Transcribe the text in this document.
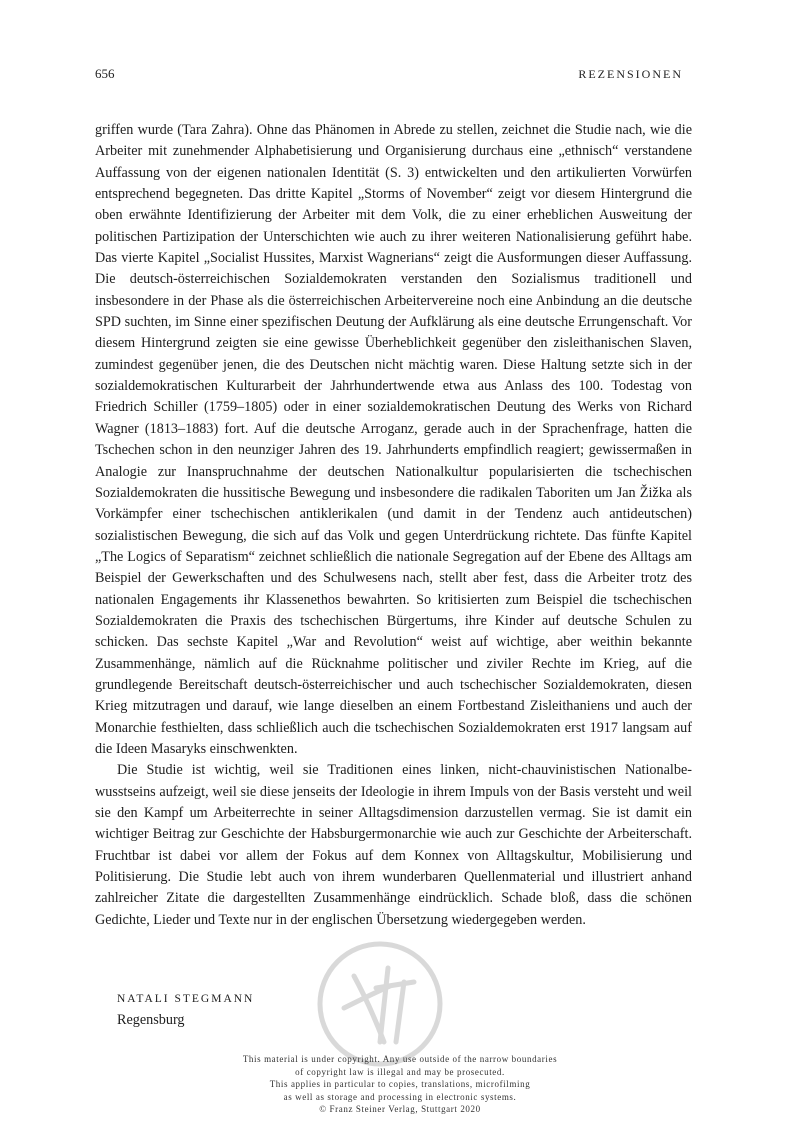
656	REZENSIONEN

griffen wurde (Tara Zahra). Ohne das Phänomen in Abrede zu stellen, zeichnet die Studie nach, wie die Arbeiter mit zunehmender Alphabetisierung und Organisierung durchaus eine „ethnisch“ verstandene Auffassung von der eigenen nationalen Identität (S. 3) entwickelten und den artikulierten Vorwürfen entsprechend begegneten. Das dritte Kapitel „Storms of November“ zeigt vor diesem Hintergrund die oben erwähnte Identifizierung der Arbeiter mit dem Volk, die zu einer erheblichen Ausweitung der politischen Partizipation der Unterschichten wie auch zu ihrer weiteren Nationalisierung geführt habe. Das vierte Kapitel „Socialist Hussites, Marxist Wagnerians“ zeigt die Ausformungen dieser Auffassung. Die deutsch-österreichischen Sozialdemokraten verstanden den Sozialismus traditionell und insbesondere in der Phase als die österreichischen Arbeitervereine noch eine Anbindung an die deutsche SPD suchten, im Sinne einer spezifischen Deutung der Aufklärung als eine deutsche Errungenschaft. Vor diesem Hintergrund zeigten sie eine gewisse Überheblichkeit gegenüber den zisleithanischen Slaven, zumindest gegenüber jenen, die des Deutschen nicht mächtig waren. Diese Haltung setzte sich in der sozialdemokratischen Kulturarbeit der Jahrhundertwende etwa aus Anlass des 100. Todestag von Friedrich Schiller (1759–1805) oder in einer sozialdemokratischen Deutung des Werks von Richard Wagner (1813–1883) fort. Auf die deutsche Arroganz, gerade auch in der Sprachenfrage, hatten die Tschechen schon in den neunziger Jahren des 19. Jahrhunderts empfindlich reagiert; gewissermaßen in Analogie zur Inanspruchnahme der deutschen Nationalkultur popularisierten die tschechischen Sozialdemokraten die hussitische Bewegung und insbesondere die radikalen Taboriten um Jan Žižka als Vorkämpfer einer tschechischen antiklerikalen (und damit in der Tendenz auch antideutschen) sozialistischen Bewegung, die sich auf das Volk und gegen Unterdrückung richtete. Das fünfte Kapitel „The Logics of Separatism“ zeichnet schließlich die nationale Segregation auf der Ebene des Alltags am Beispiel der Gewerkschaften und des Schulwesens nach, stellt aber fest, dass die Arbeiter trotz des nationalen Engagements ihr Klassenethos bewahrten. So kritisierten zum Beispiel die tschechischen Sozialdemokraten die Praxis des tschechischen Bürgertums, ihre Kinder auf deutsche Schulen zu schicken. Das sechste Kapitel „War and Revolution“ weist auf wichtige, aber weithin bekannte Zusammenhänge, nämlich auf die Rücknahme politischer und ziviler Rechte im Krieg, auf die grundlegende Bereitschaft deutsch-österreichischer und auch tschechischer Sozialdemokraten, diesen Krieg mitzutragen und darauf, wie lange dieselben an einem Fortbestand Zisleithaniens und auch der Monarchie festhielten, dass schließlich auch die tschechischen Sozialdemokraten erst 1917 langsam auf die Ideen Masaryks einschwenkten.

Die Studie ist wichtig, weil sie Traditionen eines linken, nicht-chauvinistischen Nationalbewusstseins aufzeigt, weil sie diese jenseits der Ideologie in ihrem Impuls von der Basis versteht und weil sie den Kampf um Arbeiterrechte in seiner Alltagsdimension darzustellen vermag. Sie ist damit ein wichtiger Beitrag zur Geschichte der Habsburgermonarchie wie auch zur Geschichte der Arbeiterschaft. Fruchtbar ist dabei vor allem der Fokus auf dem Konnex von Alltagskultur, Mobilisierung und Politisierung. Die Studie lebt auch von ihrem wunderbaren Quellenmaterial und illustriert anhand zahlreicher Zitate die dargestellten Zusammenhänge eindrücklich. Schade bloß, dass die schönen Gedichte, Lieder und Texte nur in der englischen Übersetzung wiedergegeben werden.

NATALI STEGMANN
Regensburg
This material is under copyright. Any use outside of the narrow boundaries
of copyright law is illegal and may be prosecuted.
This applies in particular to copies, translations, microfilming
as well as storage and processing in electronic systems.
© Franz Steiner Verlag, Stuttgart 2020
